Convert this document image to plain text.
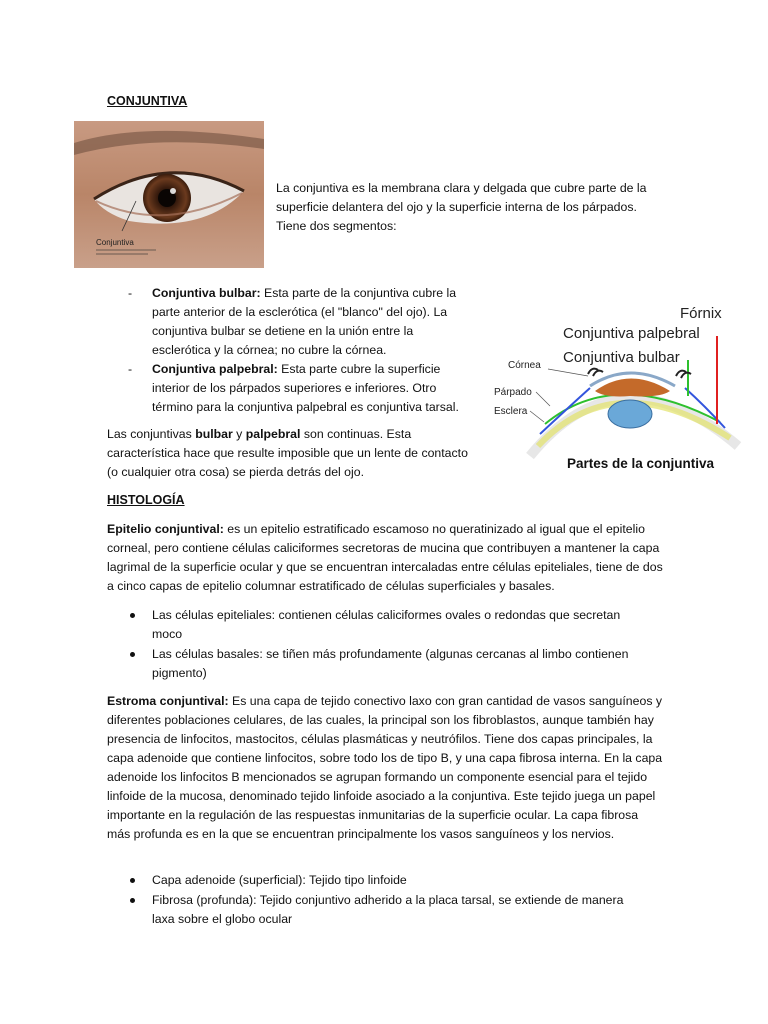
CONJUNTIVA
Conjuntiva
La conjuntiva es la membrana clara y delgada que cubre parte de la superficie delantera del ojo y la superficie interna de los párpados. Tiene dos segmentos:
- Conjuntiva bulbar: Esta parte de la conjuntiva cubre la parte anterior de la esclerótica (el "blanco" del ojo). La conjuntiva bulbar se detiene en la unión entre la esclerótica y la córnea; no cubre la córnea.
- Conjuntiva palpebral: Esta parte cubre la superficie interior de los párpados superiores e inferiores. Otro término para la conjuntiva palpebral es conjuntiva tarsal.
Las conjuntivas bulbar y palpebral son continuas. Esta característica hace que resulte imposible que un lente de contacto (o cualquier otra cosa) se pierda detrás del ojo.
Fórnix
Conjuntiva palpebral
Conjuntiva bulbar
Córnea
Párpado
Esclera
Partes de la conjuntiva
HISTOLOGÍA
Epitelio conjuntival: es un epitelio estratificado escamoso no queratinizado al igual que el epitelio corneal, pero contiene células caliciformes secretoras de mucina que contribuyen a mantener la capa lagrimal de la superficie ocular y que se encuentran intercaladas entre células epiteliales, tiene de dos a cinco capas de epitelio columnar estratificado de células superficiales y basales.
Las células epiteliales: contienen células caliciformes ovales o redondas que secretan moco
Las células basales: se tiñen más profundamente (algunas cercanas al limbo contienen pigmento)
Estroma conjuntival: Es una capa de tejido conectivo laxo con gran cantidad de vasos sanguíneos y diferentes poblaciones celulares, de las cuales, la principal son los fibroblastos, aunque también hay presencia de linfocitos, mastocitos, células plasmáticas y neutrófilos. Tiene dos capas principales, la capa adenoide que contiene linfocitos, sobre todo los de tipo B, y una capa fibrosa interna. En la capa adenoide los linfocitos B mencionados se agrupan formando un componente esencial para el tejido linfoide de la mucosa, denominado tejido linfoide asociado a la conjuntiva. Este tejido juega un papel importante en la regulación de las respuestas inmunitarias de la superficie ocular. La capa fibrosa más profunda es en la que se encuentran principalmente los vasos sanguíneos y los nervios.
Capa adenoide (superficial): Tejido tipo linfoide
Fibrosa (profunda): Tejido conjuntivo adherido a la placa tarsal, se extiende de manera laxa sobre el globo ocular
